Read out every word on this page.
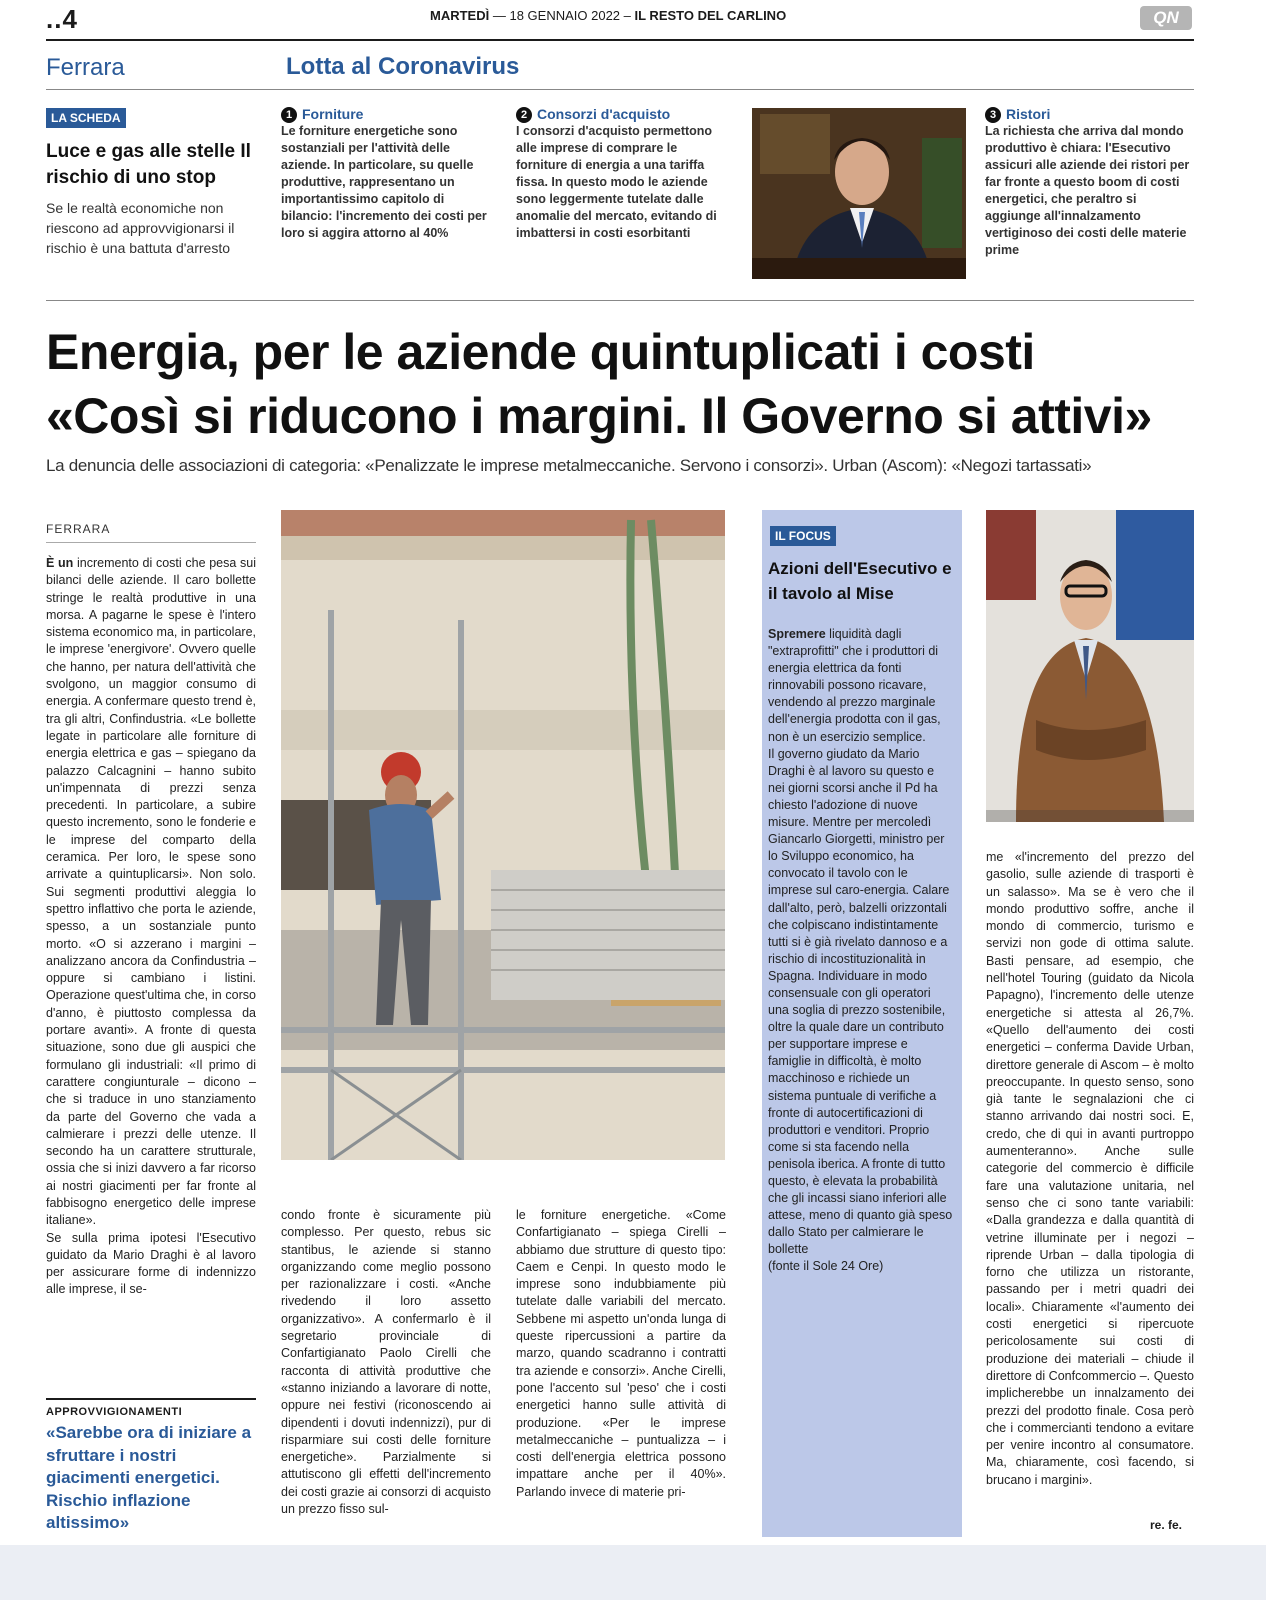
..4	MARTEDÌ — 18 GENNAIO 2022 – IL RESTO DEL CARLINO	QN
Ferrara	Lotta al Coronavirus
LA SCHEDA
Luce e gas alle stelle Il rischio di uno stop
Se le realtà economiche non riescono ad approvvigionarsi il rischio è una battuta d'arresto
1 Forniture
Le forniture energetiche sono sostanziali per l'attività delle aziende. In particolare, su quelle produttive, rappresentano un importantissimo capitolo di bilancio: l'incremento dei costi per loro si aggira attorno al 40%
2 Consorzi d'acquisto
I consorzi d'acquisto permettono alle imprese di comprare le forniture di energia a una tariffa fissa. In questo modo le aziende sono leggermente tutelate dalle anomalie del mercato, evitando di imbattersi in costi esorbitanti
3 Ristori
La richiesta che arriva dal mondo produttivo è chiara: l'Esecutivo assicuri alle aziende dei ristori per far fronte a questo boom di costi energetici, che peraltro si aggiunge all'innalzamento vertiginoso dei costi delle materie prime
Energia, per le aziende quintuplicati i costi
«Così si riducono i margini. Il Governo si attivi»
La denuncia delle associazioni di categoria: «Penalizzate le imprese metalmeccaniche. Servono i consorzi». Urban (Ascom): «Negozi tartassati»
FERRARA

È un incremento di costi che pesa sui bilanci delle aziende. Il caro bollette stringe le realtà produttive in una morsa. A pagarne le spese è l'intero sistema economico ma, in particolare, le imprese 'energivore'. Ovvero quelle che hanno, per natura dell'attività che svolgono, un maggior consumo di energia. A confermare questo trend è, tra gli altri, Confindustria. «Le bollette legate in particolare alle forniture di energia elettrica e gas – spiegano da palazzo Calcagnini – hanno subito un'impennata di prezzi senza precedenti. In particolare, a subire questo incremento, sono le fonderie e le imprese del comparto della ceramica. Per loro, le spese sono arrivate a quintuplicarsi». Non solo. Sui segmenti produttivi aleggia lo spettro inflattivo che porta le aziende, spesso, a un sostanziale punto morto. «O si azzerano i margini – analizzano ancora da Confindustria – oppure si cambiano i listini. Operazione quest'ultima che, in corso d'anno, è piuttosto complessa da portare avanti». A fronte di questa situazione, sono due gli auspici che formulano gli industriali: «Il primo di carattere congiunturale – dicono – che si traduce in uno stanziamento da parte del Governo che vada a calmierare i prezzi delle utenze. Il secondo ha un carattere strutturale, ossia che si inizi davvero a far ricorso ai nostri giacimenti per far fronte al fabbisogno energetico delle imprese italiane».

Se sulla prima ipotesi l'Esecutivo guidato da Mario Draghi è al lavoro per assicurare forme di indennizzo alle imprese, il se-

APPROVVIGIONAMENTI
«Sarebbe ora di iniziare a sfruttare i nostri giacimenti energetici. Rischio inflazione altissimo»
condo fronte è sicuramente più complesso. Per questo, rebus sic stantibus, le aziende si stanno organizzando come meglio possono per razionalizzare i costi. «Anche rivedendo il loro assetto organizzativo». A confermarlo è il segretario provinciale di Confartigianato Paolo Cirelli che racconta di attività produttive che «stanno iniziando a lavorare di notte, oppure nei festivi (riconoscendo ai dipendenti i dovuti indennizzi), pur di risparmiare sui costi delle forniture energetiche». Parzialmente si attutiscono gli effetti dell'incremento dei costi grazie ai consorzi di acquisto un prezzo fisso sul-
le forniture energetiche. «Come Confartigianato – spiega Cirelli – abbiamo due strutture di questo tipo: Caem e Cenpi. In questo modo le imprese sono indubbiamente più tutelate dalle variabili del mercato. Sebbene mi aspetto un'onda lunga di queste ripercussioni a partire da marzo, quando scadranno i contratti tra aziende e consorzi». Anche Cirelli, pone l'accento sul 'peso' che i costi energetici hanno sulle attività di produzione. «Per le imprese metalmeccaniche – puntualizza – i costi dell'energia elettrica possono impattare anche per il 40%». Parlando invece di materie pri-
IL FOCUS
Azioni dell'Esecutivo e il tavolo al Mise

Spremere liquidità dagli "extraprofitti" che i produttori di energia elettrica da fonti rinnovabili possono ricavare, vendendo al prezzo marginale dell'energia prodotta con il gas, non è un esercizio semplice.

Il governo giudato da Mario Draghi è al lavoro su questo e nei giorni scorsi anche il Pd ha chiesto l'adozione di nuove misure. Mentre per mercoledì Giancarlo Giorgetti, ministro per lo Sviluppo economico, ha convocato il tavolo con le imprese sul caro-energia. Calare dall'alto, però, balzelli orizzontali che colpiscano indistintamente tutti si è già rivelato dannoso e a rischio di incostituzionalità in Spagna. Individuare in modo consensuale con gli operatori una soglia di prezzo sostenibile, oltre la quale dare un contributo per supportare imprese e famiglie in difficoltà, è molto macchinoso e richiede un sistema puntuale di verifiche a fronte di autocertificazioni di produttori e venditori. Proprio come si sta facendo nella penisola iberica. A fronte di tutto questo, è elevata la probabilità che gli incassi siano inferiori alle attese, meno di quanto già speso dallo Stato per calmierare le bollette

(fonte il Sole 24 Ore)

me «l'incremento del prezzo del gasolio, sulle aziende di trasporti è un salasso». Ma se è vero che il mondo produttivo soffre, anche il mondo di commercio, turismo e servizi non gode di ottima salute. Basti pensare, ad esempio, che nell'hotel Touring (guidato da Nicola Papagno), l'incremento delle utenze energetiche si attesta al 26,7%. «Quello dell'aumento dei costi energetici – conferma Davide Urban, direttore generale di Ascom – è molto preoccupante. In questo senso, sono già tante le segnalazioni che ci stanno arrivando dai nostri soci. E, credo, che di qui in avanti purtroppo aumenteranno». Anche sulle categorie del commercio è difficile fare una valutazione unitaria, nel senso che ci sono tante variabili: «Dalla grandezza e dalla quantità di vetrine illuminate per i negozi – riprende Urban – dalla tipologia di forno che utilizza un ristorante, passando per i metri quadri dei locali». Chiaramente «l'aumento dei costi energetici si ripercuote pericolosamente sui costi di produzione dei materiali – chiude il direttore di Confcommercio –. Questo implicherebbe un innalzamento dei prezzi del prodotto finale. Cosa però che i commercianti tendono a evitare per venire incontro al consumatore. Ma, chiaramente, così facendo, si brucano i margini».
re. fe.
